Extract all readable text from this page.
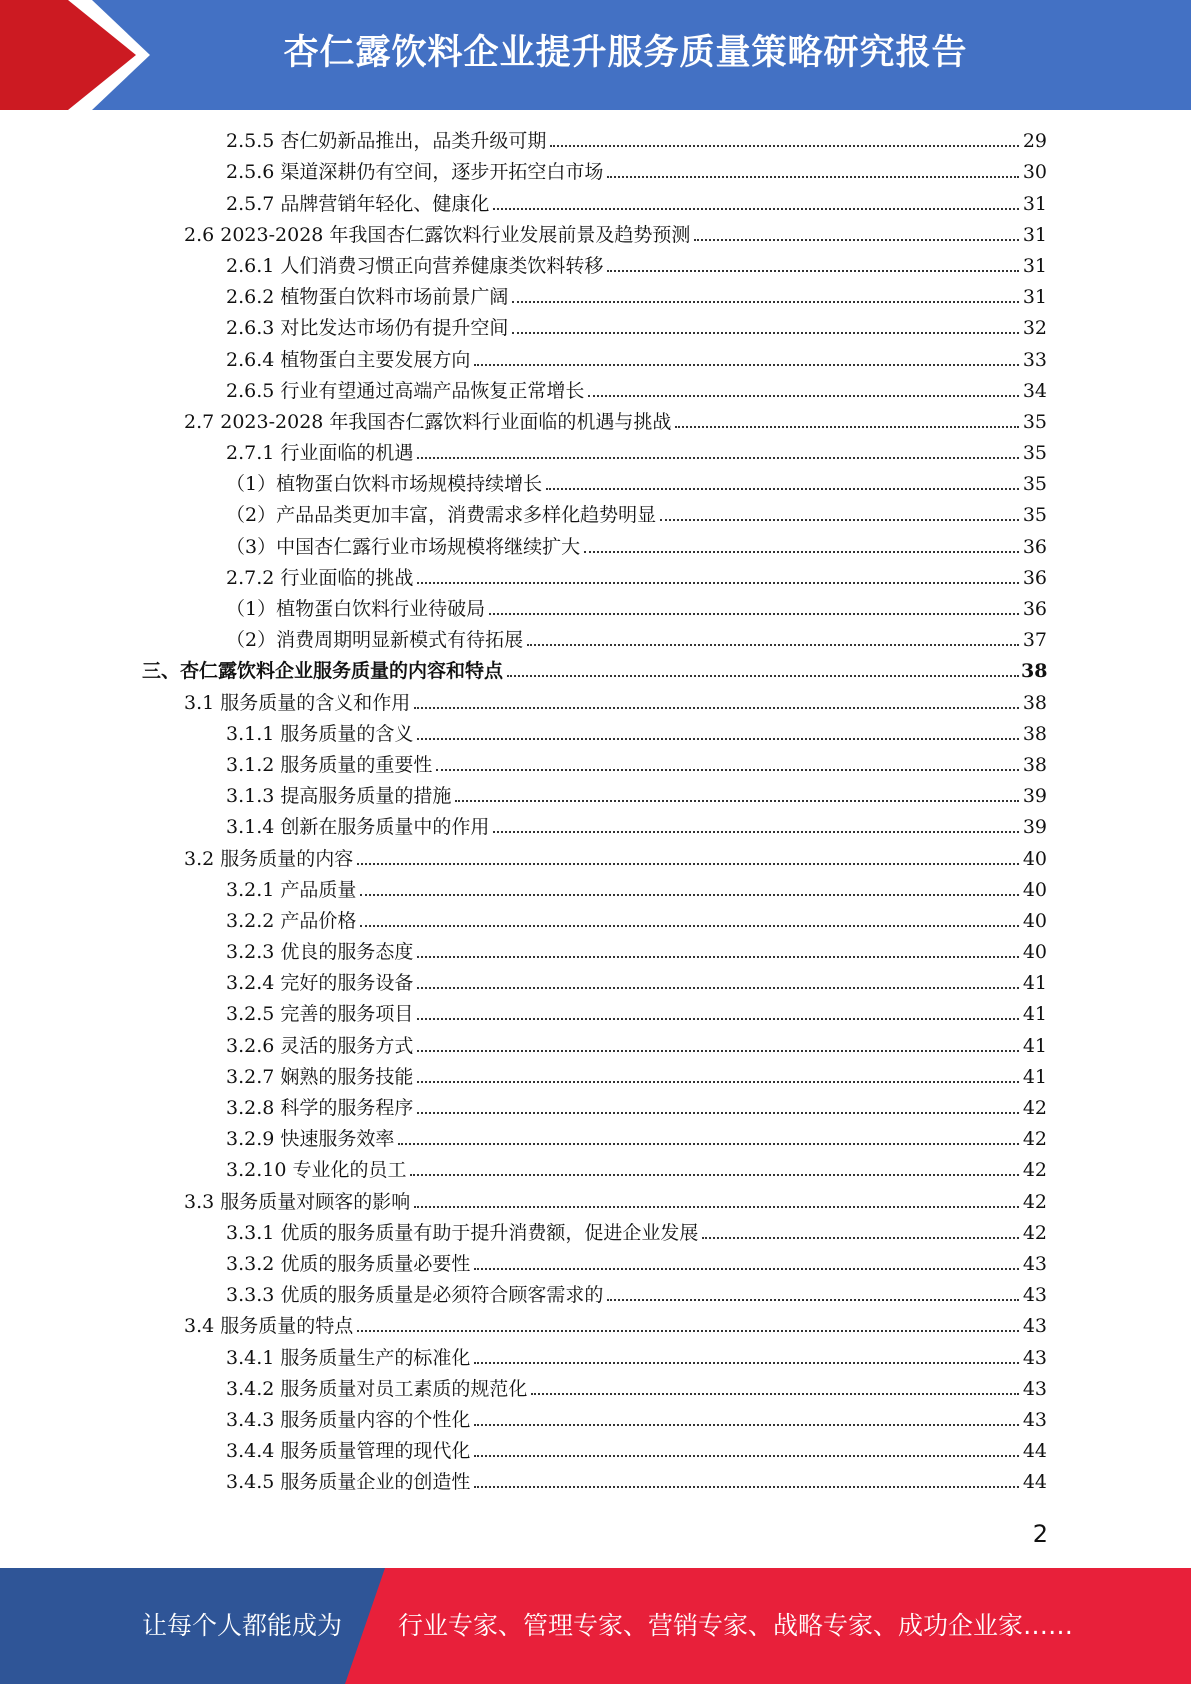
杏仁露饮料企业提升服务质量策略研究报告
2.5.5 杏仁奶新品推出，品类升级可期	29
2.5.6 渠道深耕仍有空间，逐步开拓空白市场	30
2.5.7 品牌营销年轻化、健康化	31
2.6 2023-2028 年我国杏仁露饮料行业发展前景及趋势预测	31
2.6.1 人们消费习惯正向营养健康类饮料转移	31
2.6.2 植物蛋白饮料市场前景广阔	31
2.6.3 对比发达市场仍有提升空间	32
2.6.4 植物蛋白主要发展方向	33
2.6.5 行业有望通过高端产品恢复正常增长	34
2.7 2023-2028 年我国杏仁露饮料行业面临的机遇与挑战	35
2.7.1 行业面临的机遇	35
（1）植物蛋白饮料市场规模持续增长	35
（2）产品品类更加丰富，消费需求多样化趋势明显	35
（3）中国杏仁露行业市场规模将继续扩大	36
2.7.2 行业面临的挑战	36
（1）植物蛋白饮料行业待破局	36
（2）消费周期明显新模式有待拓展	37
三、杏仁露饮料企业服务质量的内容和特点	38
3.1 服务质量的含义和作用	38
3.1.1 服务质量的含义	38
3.1.2 服务质量的重要性	38
3.1.3 提高服务质量的措施	39
3.1.4 创新在服务质量中的作用	39
3.2 服务质量的内容	40
3.2.1 产品质量	40
3.2.2 产品价格	40
3.2.3 优良的服务态度	40
3.2.4 完好的服务设备	41
3.2.5 完善的服务项目	41
3.2.6 灵活的服务方式	41
3.2.7 娴熟的服务技能	41
3.2.8 科学的服务程序	42
3.2.9 快速服务效率	42
3.2.10 专业化的员工	42
3.3 服务质量对顾客的影响	42
3.3.1 优质的服务质量有助于提升消费额，促进企业发展	42
3.3.2 优质的服务质量必要性	43
3.3.3 优质的服务质量是必须符合顾客需求的	43
3.4 服务质量的特点	43
3.4.1 服务质量生产的标准化	43
3.4.2 服务质量对员工素质的规范化	43
3.4.3 服务质量内容的个性化	43
3.4.4 服务质量管理的现代化	44
3.4.5 服务质量企业的创造性	44
2
让每个人都能成为 行业专家、管理专家、营销专家、战略专家、成功企业家……
